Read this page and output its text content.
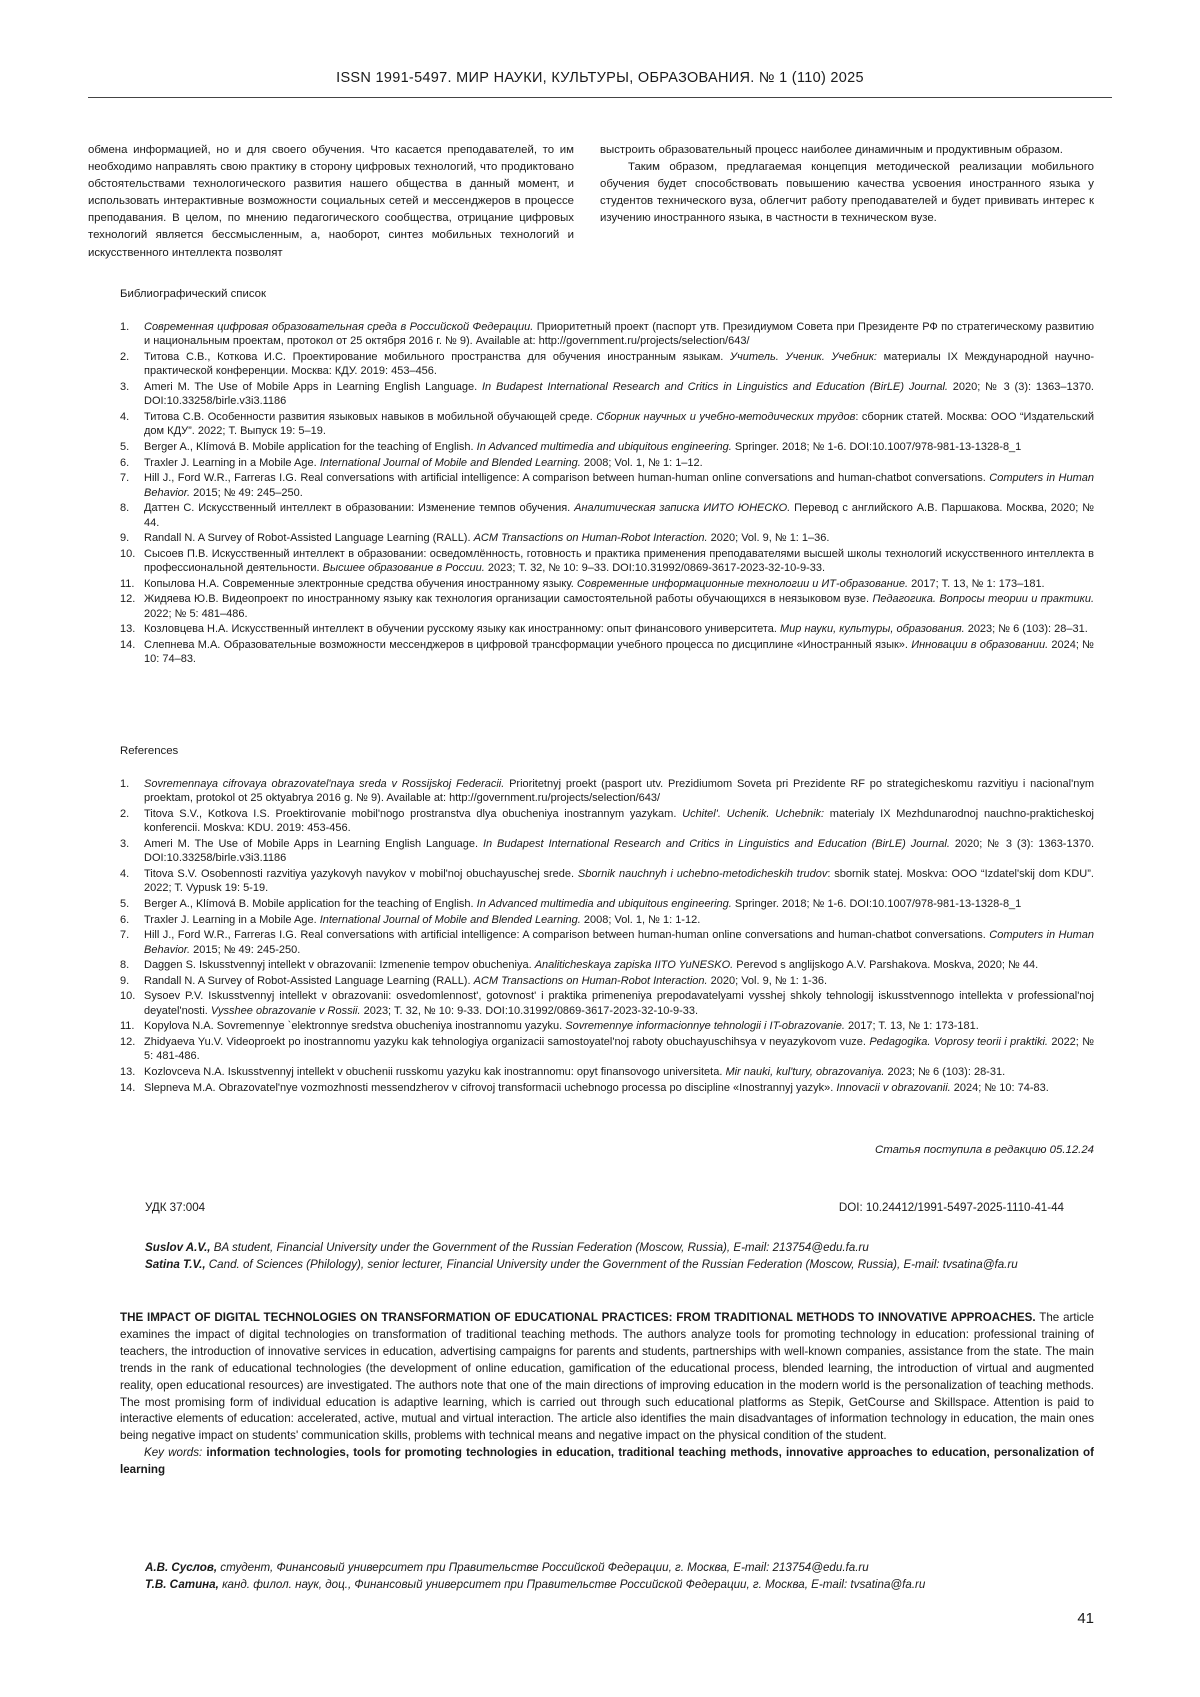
ISSN 1991-5497. МИР НАУКИ, КУЛЬТУРЫ, ОБРАЗОВАНИЯ. № 1 (110) 2025

обмена информацией, но и для своего обучения. Что касается преподавателей, то им необходимо направлять свою практику в сторону цифровых технологий, что продиктовано обстоятельствами технологического развития нашего общества в данный момент, и использовать интерактивные возможности социальных сетей и мессенджеров в процессе преподавания. В целом, по мнению педагогического сообщества, отрицание цифровых технологий является бессмысленным, а, наоборот, синтез мобильных технологий и искусственного интеллекта позволят

выстроить образовательный процесс наиболее динамичным и продуктивным образом.

Таким образом, предлагаемая концепция методической реализации мобильного обучения будет способствовать повышению качества усвоения иностранного языка у студентов технического вуза, облегчит работу преподавателей и будет прививать интерес к изучению иностранного языка, в частности в техническом вузе.

Библиографический список
1. Современная цифровая образовательная среда в Российской Федерации. Приоритетный проект (паспорт утв. Президиумом Совета при Президенте РФ по стратегическому развитию и национальным проектам, протокол от 25 октября 2016 г. № 9). Available at: http://government.ru/projects/selection/643/
2. Титова С.В., Коткова И.С. Проектирование мобильного пространства для обучения иностранным языкам. Учитель. Ученик. Учебник: материалы IX Международной научно-практической конференции. Москва: КДУ. 2019: 453–456.
3. Ameri M. The Use of Mobile Apps in Learning English Language. In Budapest International Research and Critics in Linguistics and Education (BirLE) Journal. 2020; № 3 (3): 1363–1370. DOI:10.33258/birle.v3i3.1186
4. Титова С.В. Особенности развития языковых навыков в мобильной обучающей среде. Сборник научных и учебно-методических трудов: сборник статей. Москва: ООО “Издательский дом КДУ”. 2022; Т. Выпуск 19: 5–19.
5. Berger A., Klímová B. Mobile application for the teaching of English. In Advanced multimedia and ubiquitous engineering. Springer. 2018; № 1-6. DOI:10.1007/978-981-13-1328-8_1
6. Traxler J. Learning in a Mobile Age. International Journal of Mobile and Blended Learning. 2008; Vol. 1, № 1: 1–12.
7. Hill J., Ford W.R., Farreras I.G. Real conversations with artificial intelligence: A comparison between human-human online conversations and human-chatbot conversations. Computers in Human Behavior. 2015; № 49: 245–250.
8. Даттен С. Искусственный интеллект в образовании: Изменение темпов обучения. Аналитическая записка ИИТО ЮНЕСКО. Перевод с английского А.В. Паршакова. Москва, 2020; № 44.
9. Randall N. A Survey of Robot-Assisted Language Learning (RALL). ACM Transactions on Human-Robot Interaction. 2020; Vol. 9, № 1: 1–36.
10. Сысоев П.В. Искусственный интеллект в образовании: осведомлённость, готовность и практика применения преподавателями высшей школы технологий искусственного интеллекта в профессиональной деятельности. Высшее образование в России. 2023; Т. 32, № 10: 9–33. DOI:10.31992/0869-3617-2023-32-10-9-33.
11. Копылова Н.А. Современные электронные средства обучения иностранному языку. Современные информационные технологии и ИТ-образование. 2017; Т. 13, № 1: 173–181.
12. Жидяева Ю.В. Видеопроект по иностранному языку как технология организации самостоятельной работы обучающихся в неязыковом вузе. Педагогика. Вопросы теории и практики. 2022; № 5: 481–486.
13. Козловцева Н.А. Искусственный интеллект в обучении русскому языку как иностранному: опыт финансового университета. Мир науки, культуры, образования. 2023; № 6 (103): 28–31.
14. Слепнева М.А. Образовательные возможности мессенджеров в цифровой трансформации учебного процесса по дисциплине «Иностранный язык». Инновации в образовании. 2024; № 10: 74–83.
References
1. Sovremennaya cifrovaya obrazovatel'naya sreda v Rossijskoj Federacii. Prioritetnyj proekt (pasport utv. Prezidiumom Soveta pri Prezidente RF po strategicheskomu razvitiyu i nacional'nym proektam, protokol ot 25 oktyabrya 2016 g. № 9). Available at: http://government.ru/projects/selection/643/
2. Titova S.V., Kotkova I.S. Proektirovanie mobil'nogo prostranstva dlya obucheniya inostrannym yazykam. Uchitel'. Uchenik. Uchebnik: materialy IX Mezhdunarodnoj nauchno-prakticheskoj konferencii. Moskva: KDU. 2019: 453-456.
3. Ameri M. The Use of Mobile Apps in Learning English Language. In Budapest International Research and Critics in Linguistics and Education (BirLE) Journal. 2020; № 3 (3): 1363-1370. DOI:10.33258/birle.v3i3.1186
4. Titova S.V. Osobennosti razvitiya yazykovyh navykov v mobil'noj obuchayuschej srede. Sbornik nauchnyh i uchebno-metodicheskih trudov: sbornik statej. Moskva: OOO “Izdatel'skij dom KDU”. 2022; T. Vypusk 19: 5-19.
5. Berger A., Klímová B. Mobile application for the teaching of English. In Advanced multimedia and ubiquitous engineering. Springer. 2018; № 1-6. DOI:10.1007/978-981-13-1328-8_1
6. Traxler J. Learning in a Mobile Age. International Journal of Mobile and Blended Learning. 2008; Vol. 1, № 1: 1-12.
7. Hill J., Ford W.R., Farreras I.G. Real conversations with artificial intelligence: A comparison between human-human online conversations and human-chatbot conversations. Computers in Human Behavior. 2015; № 49: 245-250.
8. Daggen S. Iskusstvennyj intellekt v obrazovanii: Izmenenie tempov obucheniya. Analiticheskaya zapiska IITO YuNESKO. Perevod s anglijskogo A.V. Parshakova. Moskva, 2020; № 44.
9. Randall N. A Survey of Robot-Assisted Language Learning (RALL). ACM Transactions on Human-Robot Interaction. 2020; Vol. 9, № 1: 1-36.
10. Sysoev P.V. Iskusstvennyj intellekt v obrazovanii: osvedomlennost', gotovnost' i praktika primeneniya prepodavatelyami vysshej shkoly tehnologij iskusstvennogo intellekta v professional'noj deyatel'nosti. Vysshee obrazovanie v Rossii. 2023; T. 32, № 10: 9-33. DOI:10.31992/0869-3617-2023-32-10-9-33.
11. Kopylova N.A. Sovremennye `elektronnye sredstva obucheniya inostrannomu yazyku. Sovremennye informacionnye tehnologii i IT-obrazovanie. 2017; T. 13, № 1: 173-181.
12. Zhidyaeva Yu.V. Videoproekt po inostrannomu yazyku kak tehnologiya organizacii samostoyatel'noj raboty obuchayuschihsya v neyazykovom vuze. Pedagogika. Voprosy teorii i praktiki. 2022; № 5: 481-486.
13. Kozlovceva N.A. Iskusstvennyj intellekt v obuchenii russkomu yazyku kak inostrannomu: opyt finansovogo universiteta. Mir nauki, kul'tury, obrazovaniya. 2023; № 6 (103): 28-31.
14. Slepneva M.A. Obrazovatel'nye vozmozhnosti messendzherov v cifrovoj transformacii uchebnogo processa po discipline «Inostrannyj yazyk». Innovacii v obrazovanii. 2024; № 10: 74-83.
Статья поступила в редакцию 05.12.24
УДК 37:004	DOI: 10.24412/1991-5497-2025-1110-41-44

Suslov A.V., BA student, Financial University under the Government of the Russian Federation (Moscow, Russia), E-mail: 213754@edu.fa.ru

Satina T.V., Cand. of Sciences (Philology), senior lecturer, Financial University under the Government of the Russian Federation (Moscow, Russia), E-mail: tvsatina@fa.ru

THE IMPACT OF DIGITAL TECHNOLOGIES ON TRANSFORMATION OF EDUCATIONAL PRACTICES: FROM TRADITIONAL METHODS TO INNOVATIVE APPROACHES. The article examines the impact of digital technologies on transformation of traditional teaching methods. The authors analyze tools for promoting technology in education: professional training of teachers, the introduction of innovative services in education, advertising campaigns for parents and students, partnerships with well-known companies, assistance from the state. The main trends in the rank of educational technologies (the development of online education, gamification of the educational process, blended learning, the introduction of virtual and augmented reality, open educational resources) are investigated. The authors note that one of the main directions of improving education in the modern world is the personalization of teaching methods. The most promising form of individual education is adaptive learning, which is carried out through such educational platforms as Stepik, GetCourse and Skillspace. Attention is paid to interactive elements of education: accelerated, active, mutual and virtual interaction. The article also identifies the main disadvantages of information technology in education, the main ones being negative impact on students' communication skills, problems with technical means and negative impact on the physical condition of the student.

Key words: information technologies, tools for promoting technologies in education, traditional teaching methods, innovative approaches to education, personalization of learning

А.В. Суслов, студент, Финансовый университет при Правительстве Российской Федерации, г. Москва, E-mail: 213754@edu.fa.ru

Т.В. Сатина, канд. филол. наук, доц., Финансовый университет при Правительстве Российской Федерации, г. Москва, E-mail: tvsatina@fa.ru

41
